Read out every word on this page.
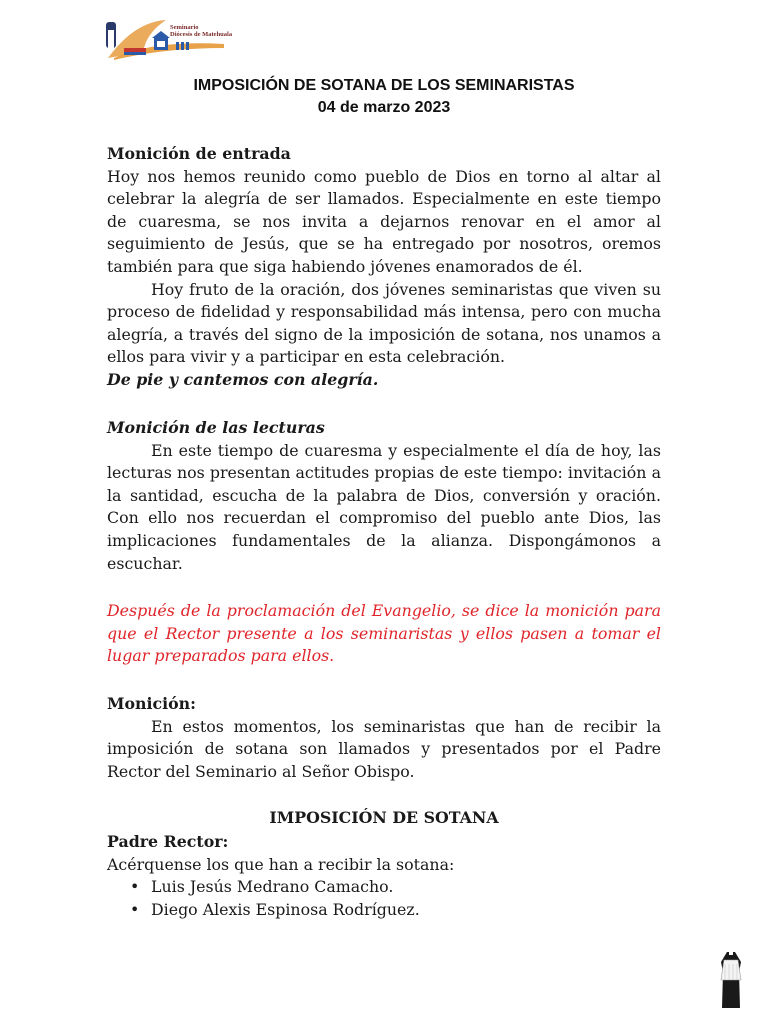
Seminario
Diócesis de Matehuala
IMPOSICIÓN DE SOTANA DE LOS SEMINARISTAS
04 de marzo 2023
Monición de entrada

Hoy nos hemos reunido como pueblo de Dios en torno al altar al celebrar la alegría de ser llamados. Especialmente en este tiempo de cuaresma, se nos invita a dejarnos renovar en el amor al seguimiento de Jesús, que se ha entregado por nosotros, oremos también para que siga habiendo jóvenes enamorados de él.

Hoy fruto de la oración, dos jóvenes seminaristas que viven su proceso de fidelidad y responsabilidad más intensa, pero con mucha alegría, a través del signo de la imposición de sotana, nos unamos a ellos para vivir y a participar en esta celebración.

De pie y cantemos con alegría.
Monición de las lecturas

En este tiempo de cuaresma y especialmente el día de hoy, las lecturas nos presentan actitudes propias de este tiempo: invitación a la santidad, escucha de la palabra de Dios, conversión y oración. Con ello nos recuerdan el compromiso del pueblo ante Dios, las implicaciones fundamentales de la alianza. Dispongámonos a escuchar.

Después de la proclamación del Evangelio, se dice la monición para que el Rector presente a los seminaristas y ellos pasen a tomar el lugar preparados para ellos.

Monición:

En estos momentos, los seminaristas que han de recibir la imposición de sotana son llamados y presentados por el Padre Rector del Seminario al Señor Obispo.

IMPOSICIÓN DE SOTANA
Padre Rector:
Acérquense los que han a recibir la sotana:
• Luis Jesús Medrano Camacho.
• Diego Alexis Espinosa Rodríguez.
